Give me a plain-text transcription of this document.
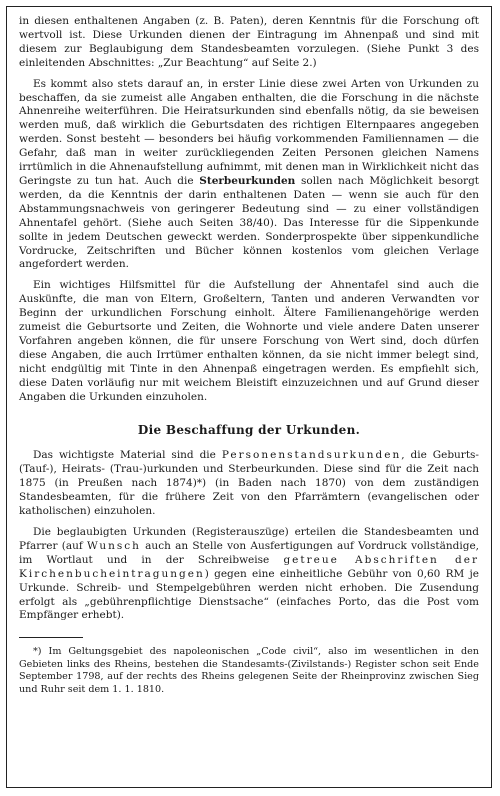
in diesen enthaltenen Angaben (z. B. Paten), deren Kenntnis für die Forschung oft wertvoll ist. Diese Urkunden dienen der Eintragung im Ahnenpaß und sind mit diesem zur Beglaubigung dem Standesbeamten vorzulegen. (Siehe Punkt 3 des einleitenden Abschnittes: „Zur Beachtung“ auf Seite 2.)

Es kommt also stets darauf an, in erster Linie diese zwei Arten von Urkunden zu beschaffen, da sie zumeist alle Angaben enthalten, die die Forschung in die nächste Ahnenreihe weiterführen. Die Heiratsurkunden sind ebenfalls nötig, da sie beweisen werden muß, daß wirklich die Geburtsdaten des richtigen Elternpaares angegeben werden. Sonst besteht — besonders bei häufig vorkommenden Familiennamen — die Gefahr, daß man in weiter zurückliegenden Zeiten Personen gleichen Namens irrtümlich in die Ahnenaufstellung aufnimmt, mit denen man in Wirklichkeit nicht das Geringste zu tun hat. Auch die Sterbeurkunden sollen nach Möglichkeit besorgt werden, da die Kenntnis der darin enthaltenen Daten — wenn sie auch für den Abstammungsnachweis von geringerer Bedeutung sind — zu einer vollständigen Ahnentafel gehört. (Siehe auch Seiten 38/40). Das Interesse für die Sippenkunde sollte in jedem Deutschen geweckt werden. Sonderprospekte über sippenkundliche Vordrucke, Zeitschriften und Bücher können kostenlos vom gleichen Verlage angefordert werden.

Ein wichtiges Hilfsmittel für die Aufstellung der Ahnentafel sind auch die Auskünfte, die man von Eltern, Großeltern, Tanten und anderen Verwandten vor Beginn der urkundlichen Forschung einholt. Ältere Familienangehörige werden zumeist die Geburtsorte und Zeiten, die Wohnorte und viele andere Daten unserer Vorfahren angeben können, die für unsere Forschung von Wert sind, doch dürfen diese Angaben, die auch Irrtümer enthalten können, da sie nicht immer belegt sind, nicht endgültig mit Tinte in den Ahnenpaß eingetragen werden. Es empfiehlt sich, diese Daten vorläufig nur mit weichem Bleistift einzuzeichnen und auf Grund dieser Angaben die Urkunden einzuholen.

Die Beschaffung der Urkunden.

Das wichtigste Material sind die Personenstandsurkunden, die Geburts- (Tauf-), Heirats- (Trau-)urkunden und Sterbeurkunden. Diese sind für die Zeit nach 1875 (in Preußen nach 1874)*) (in Baden nach 1870) von dem zuständigen Standesbeamten, für die frühere Zeit von den Pfarrämtern (evangelischen oder katholischen) einzuholen.

Die beglaubigten Urkunden (Registerauszüge) erteilen die Standesbeamten und Pfarrer (auf Wunsch auch an Stelle von Ausfertigungen auf Vordruck vollständige, im Wortlaut und in der Schreibweise getreue Abschriften der Kirchenbucheintragungen) gegen eine einheitliche Gebühr von 0,60 RM je Urkunde. Schreib- und Stempelgebühren werden nicht erhoben. Die Zusendung erfolgt als „gebührenpflichtige Dienstsache“ (einfaches Porto, das die Post vom Empfänger erhebt).

*) Im Geltungsgebiet des napoleonischen „Code civil“, also im wesentlichen in den Gebieten links des Rheins, bestehen die Standesamts-(Zivilstands-) Register schon seit Ende September 1798, auf der rechts des Rheins gelegenen Seite der Rheinprovinz zwischen Sieg und Ruhr seit dem 1. 1. 1810.
